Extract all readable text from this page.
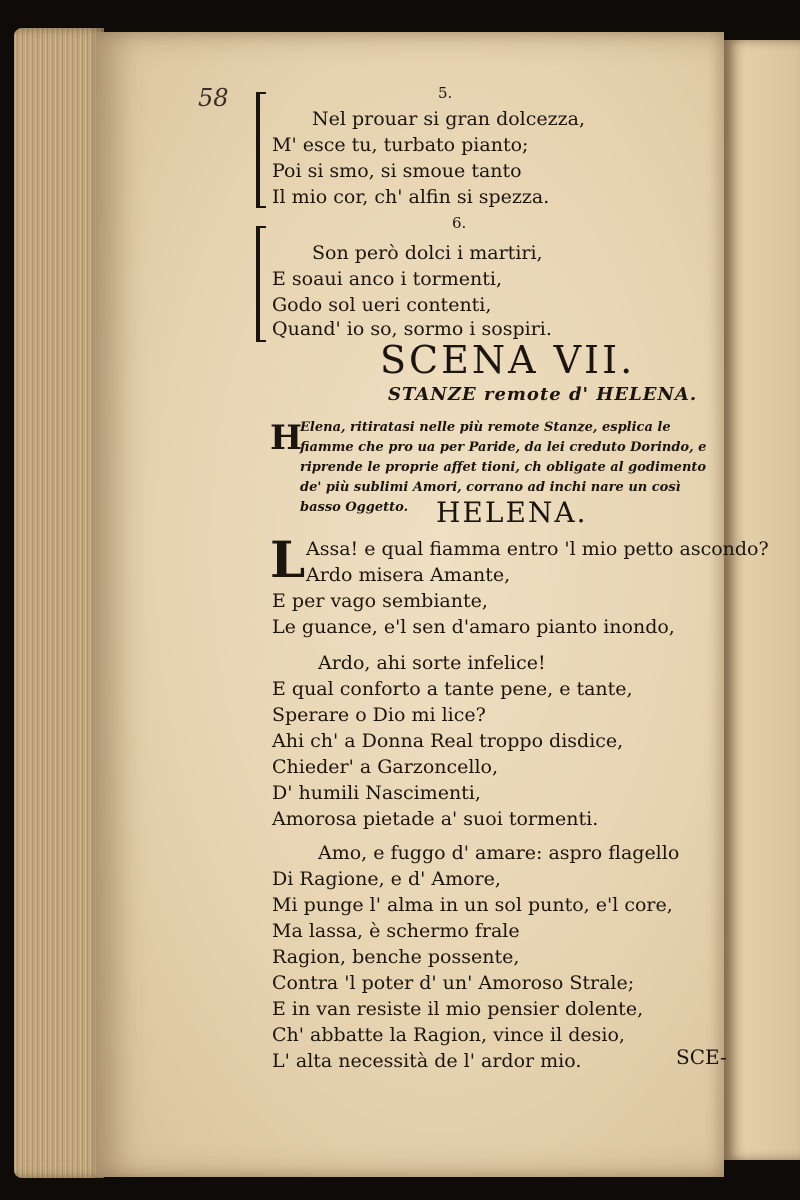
58	5.
Nel prouar si gran dolcezza,
M' esce tu, turbato pianto;
Poi si smo, si smoue tanto
Il mio cor, ch' alfin si spezza.
6.
Son però dolci i martiri,
E soaui anco i tormenti,
Godo sol ueri contenti,
Quand' io so, sormo i sospiri.
SCENA VII.
STANZE remote d' HELENA.
H
Elena, ritiratasi nelle più remote Stanze, esplica le fiamme che pro ua per Paride, da lei creduto Dorindo, e riprende le proprie affet tioni, ch obligate al godimento de' più sublimi Amori, corrano ad inchi nare un così basso Oggetto. HELENA.
L Assa! e qual fiamma entro 'l mio petto ascondo?
Ardo misera Amante,
E per vago sembiante,
Le guance, e'l sen d'amaro pianto inondo,
Ardo, ahi sorte infelice!
E qual conforto a tante pene, e tante,
Sperare o Dio mi lice?
Ahi ch' a Donna Real troppo disdice,
Chieder' a Garzoncello,
D' humili Nascimenti,
Amorosa pietade a' suoi tormenti.
Amo, e fuggo d' amare: aspro flagello
Di Ragione, e d' Amore,
Mi punge l' alma in un sol punto, e'l core,
Ma lassa, è schermo frale
Ragion, benche possente,
Contra 'l poter d' un' Amoroso Strale;
E in van resiste il mio pensier dolente,
Ch' abbatte la Ragion, vince il desio,
L' alta necessità de l' ardor mio.	SCE-
